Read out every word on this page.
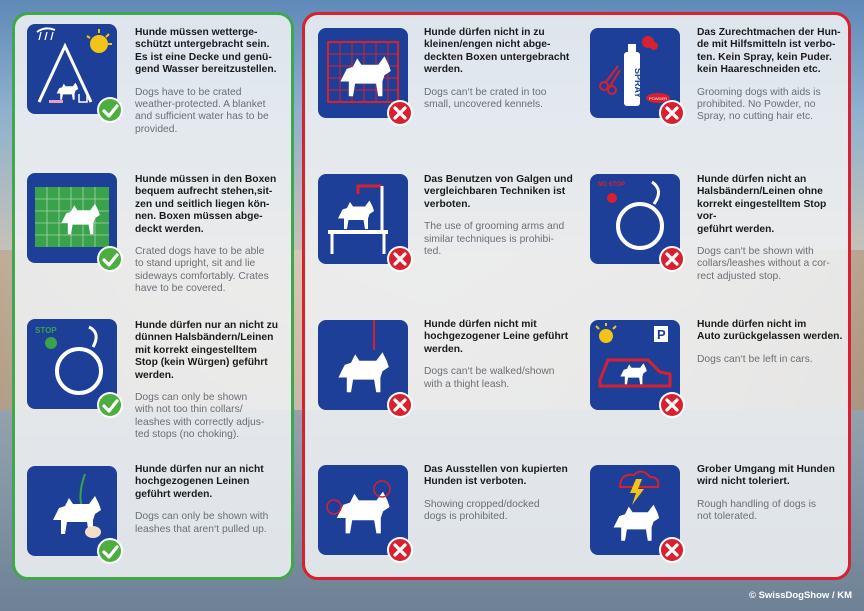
Hunde müssen wetterge-
schützt untergebracht sein.
Es ist eine Decke und genü-
gend Wasser bereitzustellen.
Dogs have to be crated
weather-protected. A blanket
and sufficient water has to be
provided.
Hunde müssen in den Boxen
bequem aufrecht stehen,sit-
zen und seitlich liegen kön-
nen. Boxen müssen abge-
deckt werden.
Crated dogs have to be able
to stand upright, sit and lie
sideways comfortably. Crates
have to be covered.
STOP	Hunde dürfen nur an nicht zu
dünnen Halsbändern/Leinen
mit korrekt eingestelltem
Stop (kein Würgen) geführt
werden.
Dogs can only be shown
with not too thin collars/
leashes with correctly adjus-
ted stops (no choking).
Hunde dürfen nur an nicht
hochgezogenen Leinen
geführt werden.
Dogs can only be shown with
leashes that aren‘t pulled up.
Hunde dürfen nicht in zu
kleinen/engen nicht abge-
deckten Boxen untergebracht
werden.
Dogs can‘t be crated in too
small, uncovered kennels.
SPRAY
POWDER
Das Zurechtmachen der Hun-
de mit Hilfsmitteln ist verbo-
ten. Kein Spray, kein Puder.
kein Haareschneiden etc.
Grooming dogs with aids is
prohibited. No Powder, no
Spray, no cutting hair etc.
Das Benutzen von Galgen und
vergleichbaren Techniken ist
verboten.
The use of grooming arms and
similar techniques is prohibi-
ted.
NO STOP	Hunde dürfen nicht an
Halsbändern/Leinen ohne
korrekt eingestelltem Stop vor-
geführt werden.
Dogs can‘t be shown with
collars/leashes without a cor-
rect adjusted stop.
Hunde dürfen nicht mit
hochgezogener Leine geführt
werden.
Dogs can‘t be walked/shown
with a thight leash.
P
Hunde dürfen nicht im
Auto zurückgelassen werden.
Dogs can‘t be left in cars.
Das Ausstellen von kupierten
Hunden ist verboten.
Showing cropped/docked
dogs is prohibited.
Grober Umgang mit Hunden
wird nicht toleriert.
Rough handling of dogs is
not tolerated.
© SwissDogShow / KM
